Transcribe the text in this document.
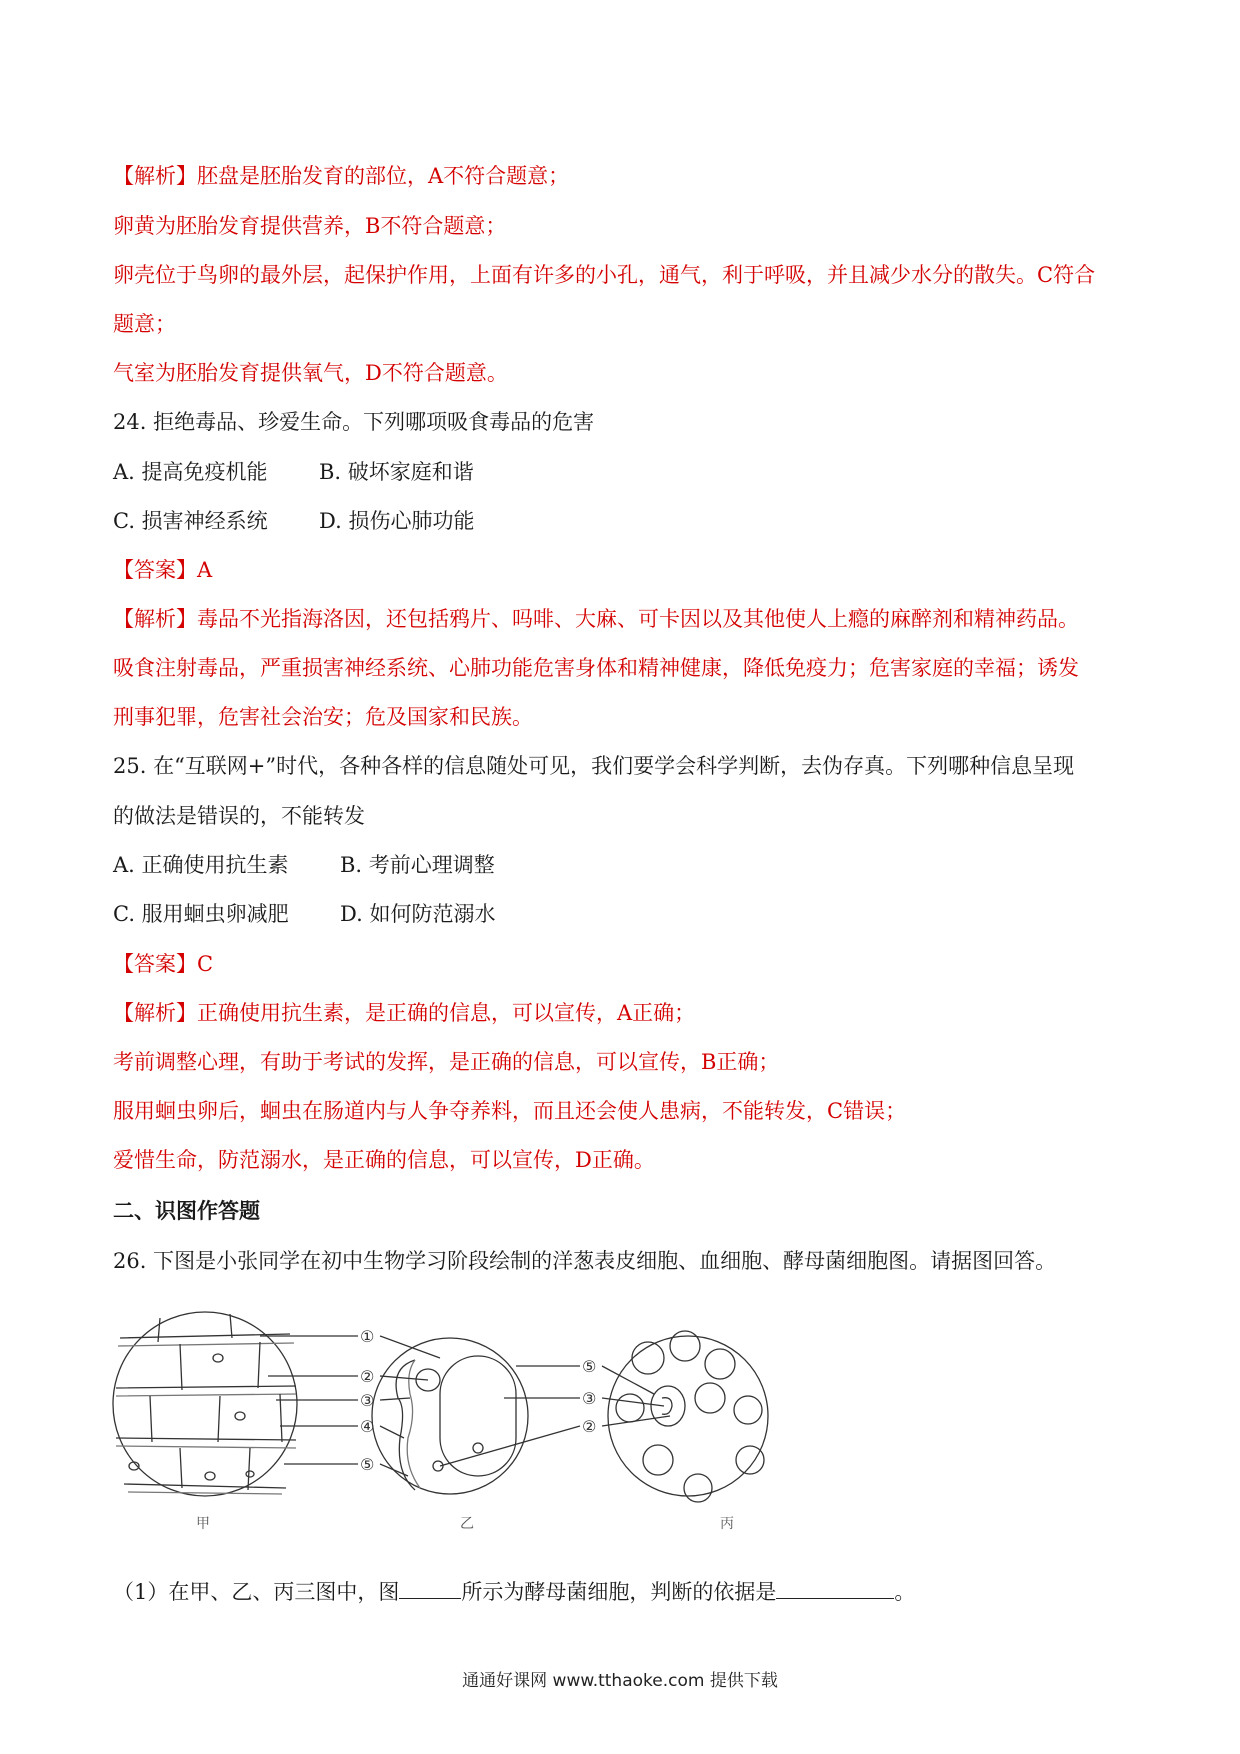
【解析】胚盘是胚胎发育的部位，A不符合题意；
卵黄为胚胎发育提供营养，B不符合题意；
卵壳位于鸟卵的最外层，起保护作用，上面有许多的小孔，通气，利于呼吸，并且减少水分的散失。C符合
题意；
气室为胚胎发育提供氧气，D不符合题意。
24. 拒绝毒品、珍爱生命。下列哪项吸食毒品的危害
A. 提高免疫机能 B. 破坏家庭和谐
C. 损害神经系统 D. 损伤心肺功能
【答案】A
【解析】毒品不光指海洛因，还包括鸦片、吗啡、大麻、可卡因以及其他使人上瘾的麻醉剂和精神药品。
吸食注射毒品，严重损害神经系统、心肺功能危害身体和精神健康，降低免疫力；危害家庭的幸福；诱发
刑事犯罪，危害社会治安；危及国家和民族。
25. 在“互联网+”时代，各种各样的信息随处可见，我们要学会科学判断，去伪存真。下列哪种信息呈现
的做法是错误的，不能转发
A. 正确使用抗生素 B. 考前心理调整
C. 服用蛔虫卵减肥 D. 如何防范溺水
【答案】C
【解析】正确使用抗生素，是正确的信息，可以宣传，A正确；
考前调整心理，有助于考试的发挥，是正确的信息，可以宣传，B正确；
服用蛔虫卵后，蛔虫在肠道内与人争夺养料，而且还会使人患病，不能转发，C错误；
爱惜生命，防范溺水，是正确的信息，可以宣传，D正确。
二、识图作答题
26. 下图是小张同学在初中生物学习阶段绘制的洋葱表皮细胞、血细胞、酵母菌细胞图。请据图回答。
①
②
③
④
⑤
⑤
③
②
甲	乙	丙
（1）在甲、乙、丙三图中，图	所示为酵母菌细胞，判断的依据是	。
通通好课网 www.tthaoke.com 提供下载
